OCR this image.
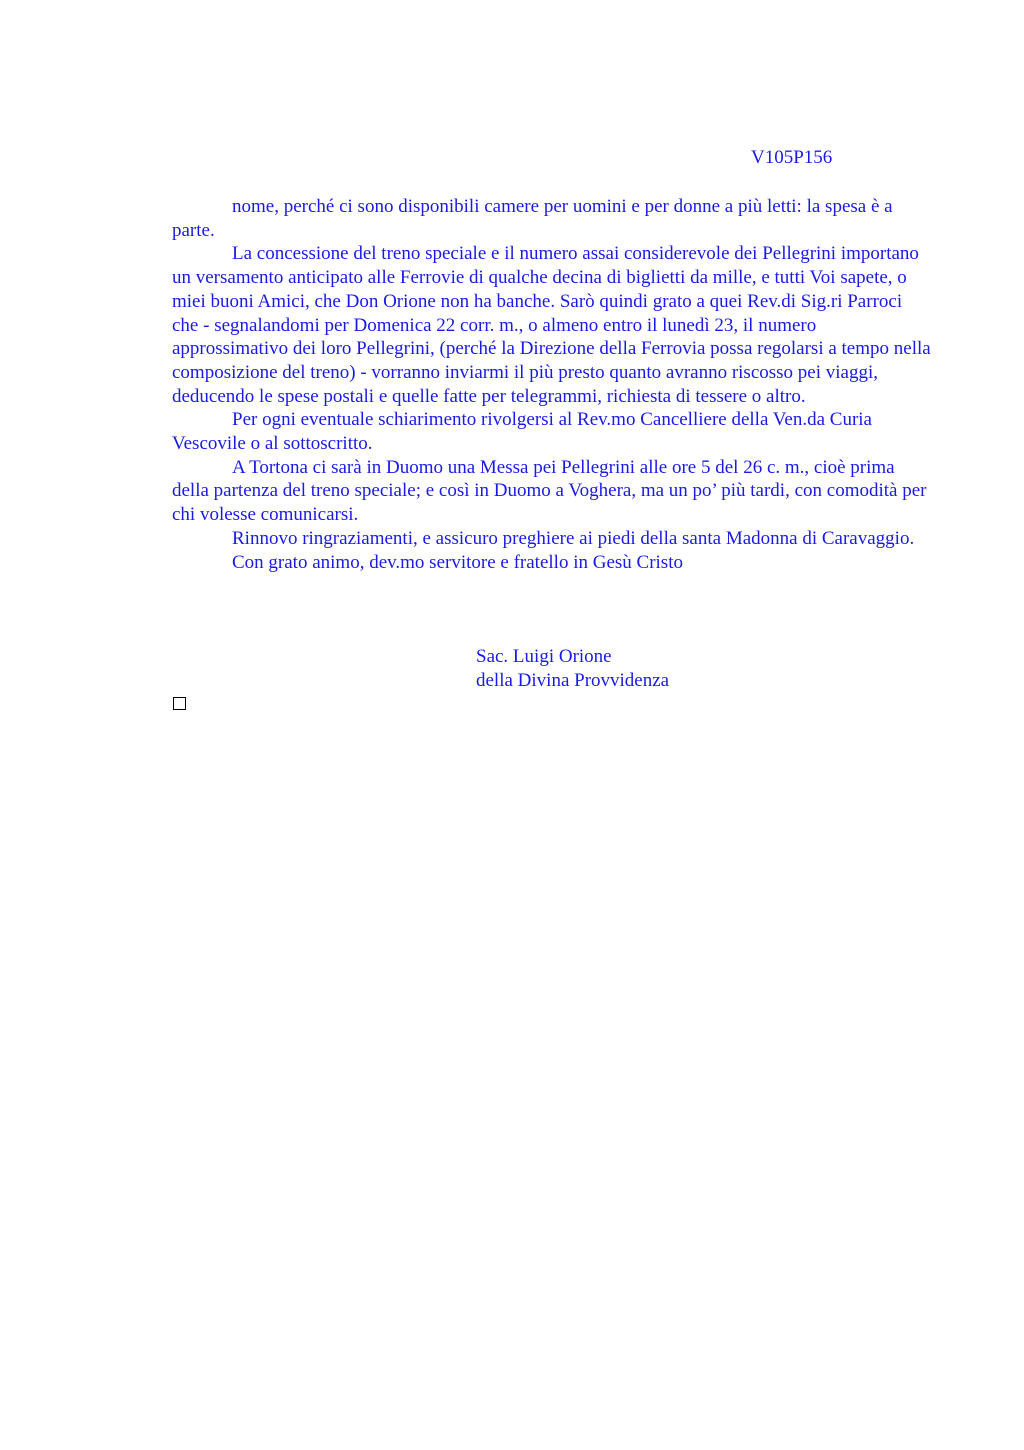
V105P156

nome, perché ci sono disponibili camere per uomini e per donne a più letti: la spesa è a parte.

La concessione del treno speciale e il numero assai considerevole dei Pellegrini importano un versamento anticipato alle Ferrovie di qualche decina di biglietti da mille, e tutti Voi sapete, o miei buoni Amici, che Don Orione non ha banche. Sarò quindi grato a quei Rev.di Sig.ri Parroci che - segnalandomi per Domenica 22 corr. m., o almeno entro il lunedì 23, il numero approssimativo dei loro Pellegrini, (perché la Direzione della Ferrovia possa regolarsi a tempo nella composizione del treno) - vorranno inviarmi il più presto quanto avranno riscosso pei viaggi, deducendo le spese postali e quelle fatte per telegrammi, richiesta di tessere o altro.

Per ogni eventuale schiarimento rivolgersi al Rev.mo Cancelliere della Ven.da Curia Vescovile o al sottoscritto.

A Tortona ci sarà in Duomo una Messa pei Pellegrini alle ore 5 del 26 c. m., cioè prima della partenza del treno speciale; e così in Duomo a Voghera, ma un po’ più tardi, con comodità per chi volesse comunicarsi.

Rinnovo ringraziamenti, e assicuro preghiere ai piedi della santa Madonna di Caravaggio.

Con grato animo, dev.mo servitore e fratello in Gesù Cristo

Sac. Luigi Orione
della Divina Provvidenza
